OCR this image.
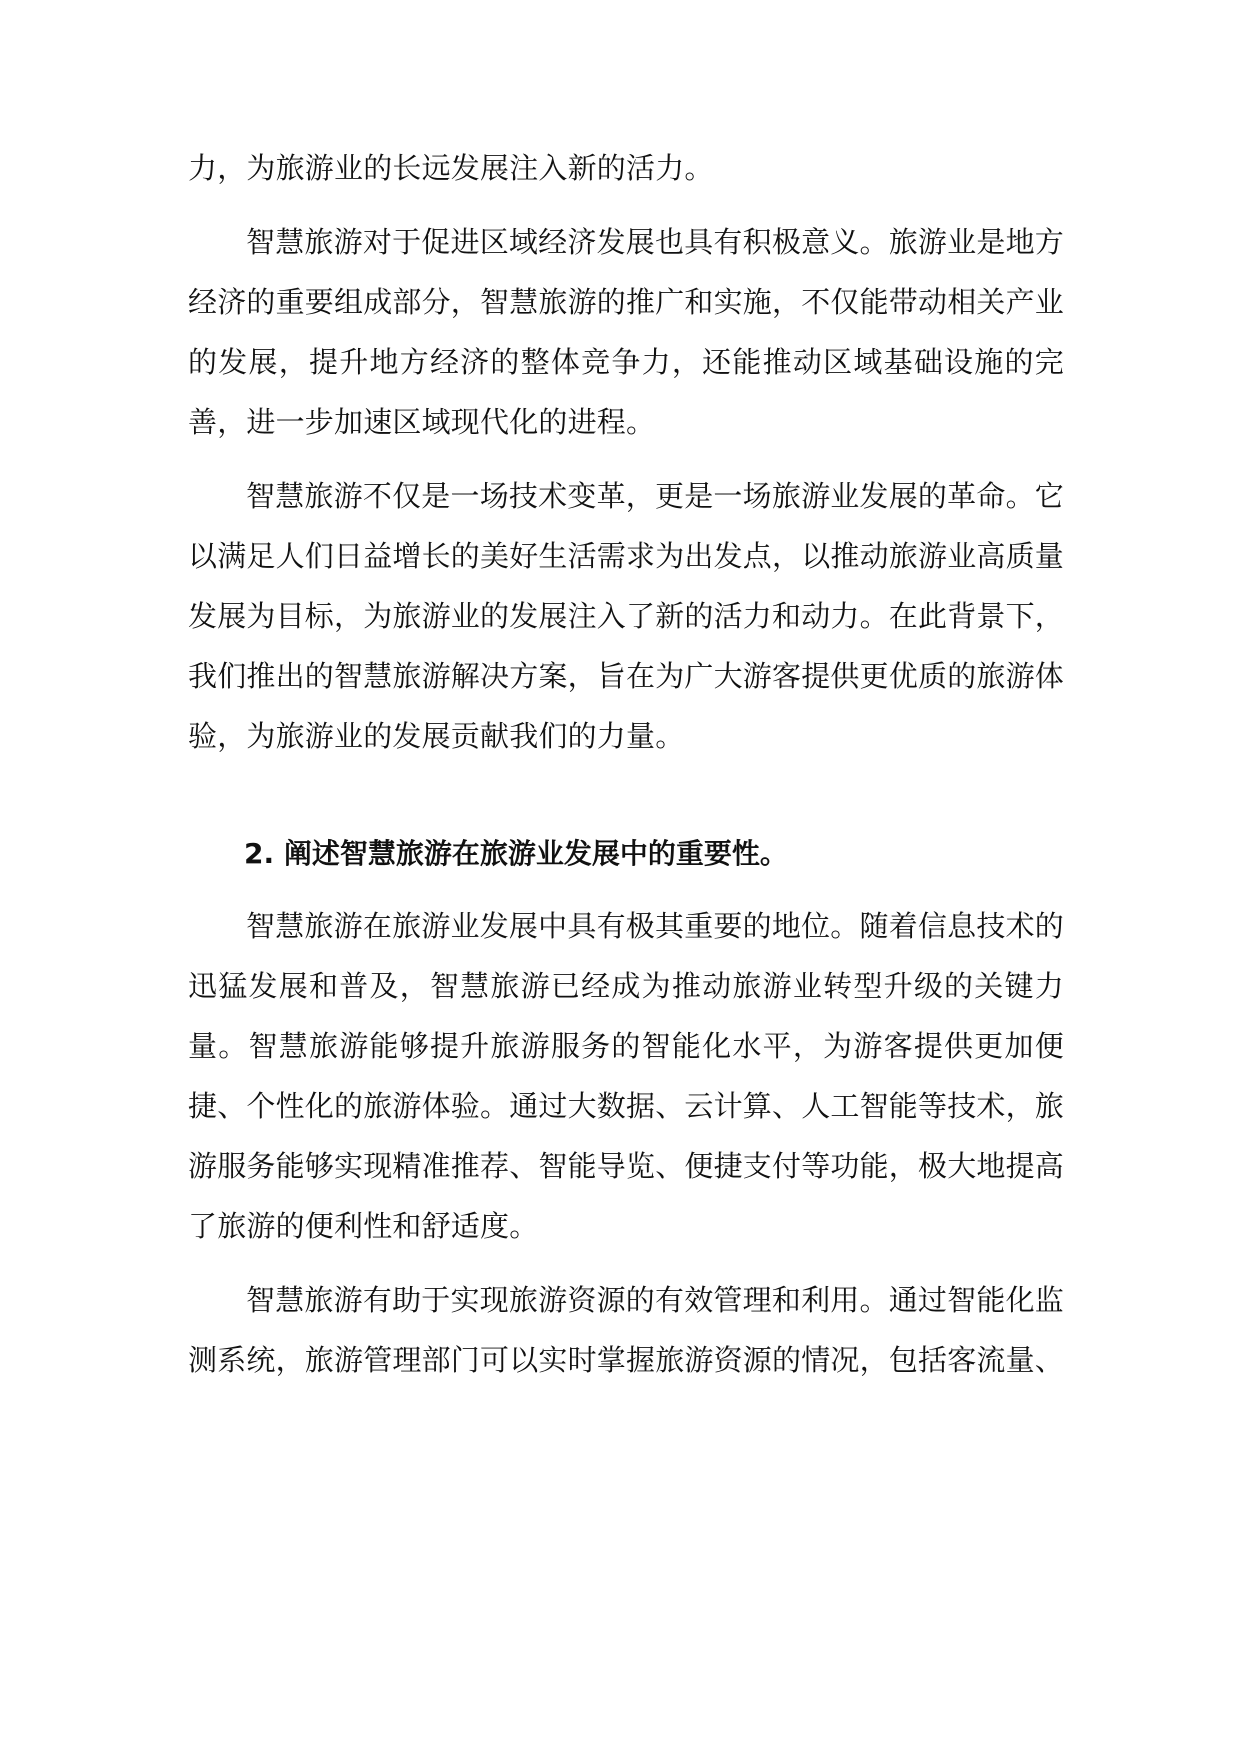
力，为旅游业的长远发展注入新的活力。

智慧旅游对于促进区域经济发展也具有积极意义。旅游业是地方经济的重要组成部分，智慧旅游的推广和实施，不仅能带动相关产业的发展，提升地方经济的整体竞争力，还能推动区域基础设施的完善，进一步加速区域现代化的进程。

智慧旅游不仅是一场技术变革，更是一场旅游业发展的革命。它以满足人们日益增长的美好生活需求为出发点，以推动旅游业高质量发展为目标，为旅游业的发展注入了新的活力和动力。在此背景下，我们推出的智慧旅游解决方案，旨在为广大游客提供更优质的旅游体验，为旅游业的发展贡献我们的力量。

2. 阐述智慧旅游在旅游业发展中的重要性。

智慧旅游在旅游业发展中具有极其重要的地位。随着信息技术的迅猛发展和普及，智慧旅游已经成为推动旅游业转型升级的关键力量。智慧旅游能够提升旅游服务的智能化水平，为游客提供更加便捷、个性化的旅游体验。通过大数据、云计算、人工智能等技术，旅游服务能够实现精准推荐、智能导览、便捷支付等功能，极大地提高了旅游的便利性和舒适度。

智慧旅游有助于实现旅游资源的有效管理和利用。通过智能化监测系统，旅游管理部门可以实时掌握旅游资源的情况，包括客流量、
